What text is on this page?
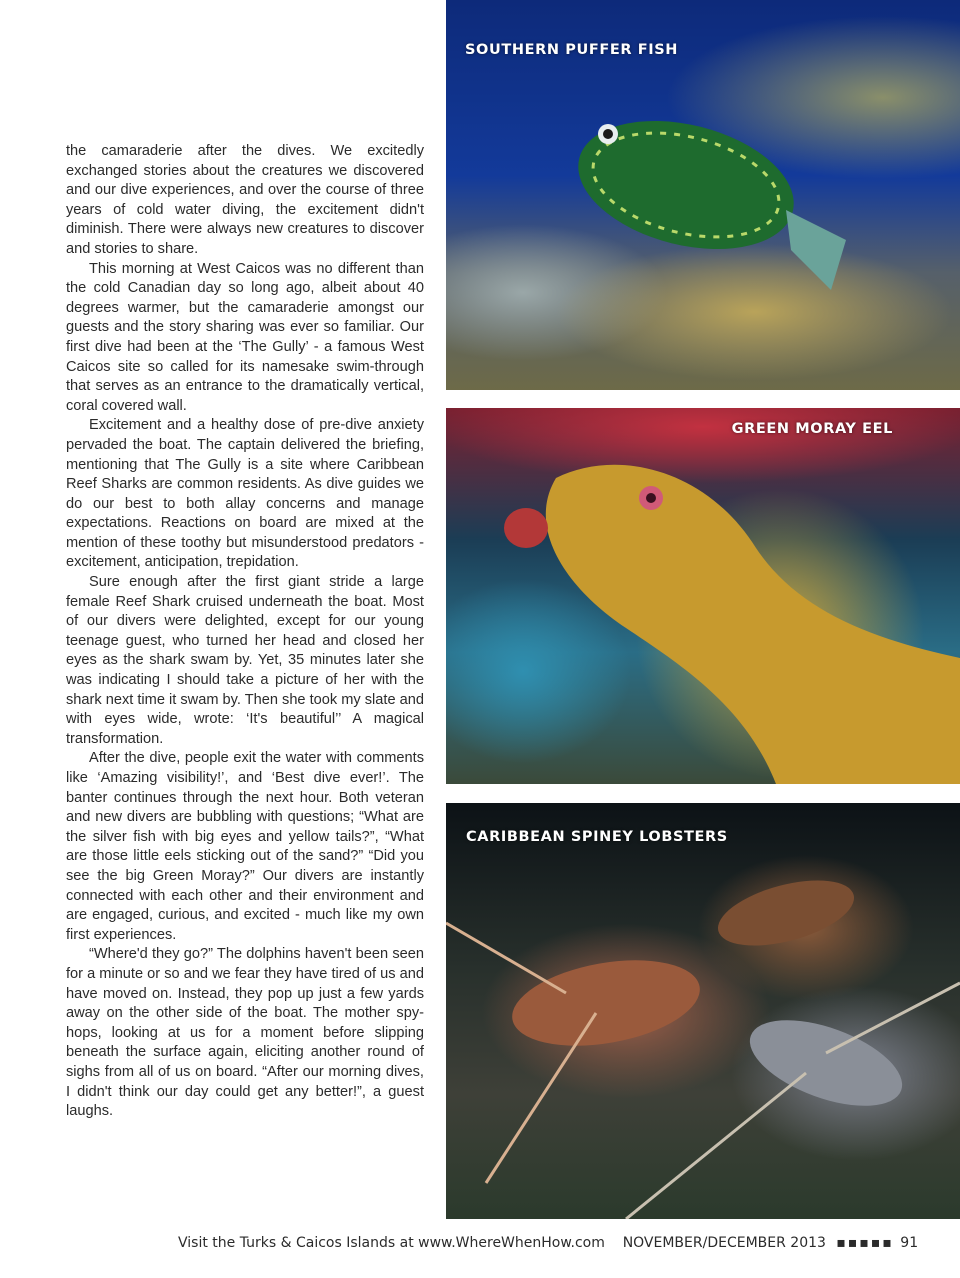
the camaraderie after the dives. We excitedly exchanged stories about the creatures we discovered and our dive experiences, and over the course of three years of cold water diving, the excitement didn't diminish. There were always new creatures to discover and stories to share.

This morning at West Caicos was no different than the cold Canadian day so long ago, albeit about 40 degrees warmer, but the camaraderie amongst our guests and the story sharing was ever so familiar. Our first dive had been at the ‘The Gully’ - a famous West Caicos site so called for its namesake swim-through that serves as an entrance to the dramatically vertical, coral covered wall.

Excitement and a healthy dose of pre-dive anxiety pervaded the boat. The captain delivered the briefing, mentioning that The Gully is a site where Caribbean Reef Sharks are common residents. As dive guides we do our best to both allay concerns and manage expectations. Reactions on board are mixed at the mention of these toothy but misunderstood predators - excitement, anticipation, trepidation.

Sure enough after the first giant stride a large female Reef Shark cruised underneath the boat. Most of our divers were delighted, except for our young teenage guest, who turned her head and closed her eyes as the shark swam by. Yet, 35 minutes later she was indicating I should take a picture of her with the shark next time it swam by. Then she took my slate and with eyes wide, wrote: ‘It's beautiful’’ A magical transformation.

After the dive, people exit the water with comments like ‘Amazing visibility!’, and ‘Best dive ever!’. The banter continues through the next hour. Both veteran and new divers are bubbling with questions; “What are the silver fish with big eyes and yellow tails?”, “What are those little eels sticking out of the sand?” “Did you see the big Green Moray?” Our divers are instantly connected with each other and their environment and are engaged, curious, and excited - much like my own first experiences.

“Where'd they go?” The dolphins haven't been seen for a minute or so and we fear they have tired of us and have moved on. Instead, they pop up just a few yards away on the other side of the boat. The mother spy-hops, looking at us for a moment before slipping beneath the surface again, eliciting another round of sighs from all of us on board. “After our morning dives, I didn't think our day could get any better!”, a guest laughs.

SOUTHERN PUFFER FISH
GREEN MORAY EEL
CARIBBEAN SPINEY LOBSTERS
Visit the Turks & Caicos Islands at www.WhereWhenHow.com NOVEMBER/DECEMBER 2013 ▪▪▪▪▪ 91
